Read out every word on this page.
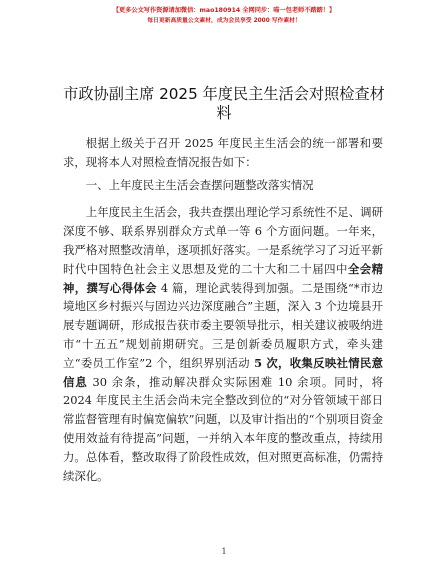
【更多公文写作资源请加微信：mao180914 全网同步：喵一包老师不踏踏！】
每日更新高质量公文素材，成为会员享受 2000 写作素材！
市政协副主席 2025 年度民主生活会对照检查材料

根据上级关于召开 2025 年度民主生活会的统一部署和要求，现将本人对照检查情况报告如下：

一、上年度民主生活会查摆问题整改落实情况

上年度民主生活会，我共查摆出理论学习系统性不足、调研深度不够、联系界别群众方式单一等 6 个方面问题。一年来，我严格对照整改清单，逐项抓好落实。一是系统学习了习近平新时代中国特色社会主义思想及党的二十大和二十届四中全会精神，撰写心得体会 4 篇，理论武装得到加强。二是围绕“*市边境地区乡村振兴与固边兴边深度融合”主题，深入 3 个边境县开展专题调研，形成报告获市委主要领导批示，相关建议被吸纳进市“十五五”规划前期研究。三是创新委员履职方式，牵头建立“委员工作室”2 个，组织界别活动 5 次，收集反映社情民意信息 30 余条，推动解决群众实际困难 10 余项。同时，将 2024 年度民主生活会尚未完全整改到位的“对分管领域干部日常监督管理有时偏宽偏软”问题，以及审计指出的“个别项目资金使用效益有待提高”问题，一并纳入本年度的整改重点，持续用力。总体看，整改取得了阶段性成效，但对照更高标准，仍需持续深化。

1
